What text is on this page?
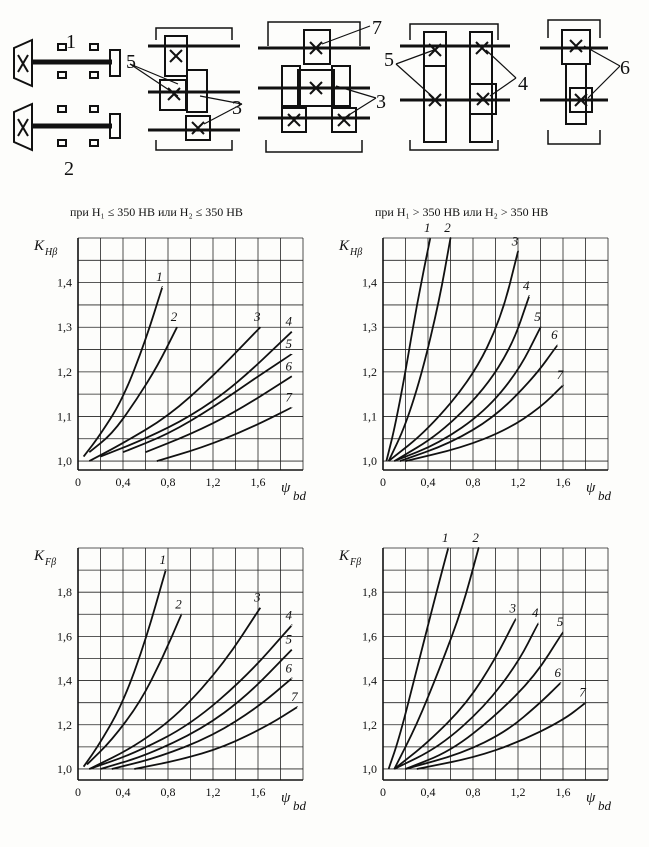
1
2
5
3
7
3
5
4
6
при H₁ ≤ 350 HB или H₂ ≤ 350 HB	при H₁ > 350 HB или H₂ > 350 HB
0	0,4	0,8	1,2	1,6
1,0
1,1
1,2
1,3
1,4
K Hβ
ψ bd
1
2	3 4
5
6
7
0	0,4	0,8	1,2	1,6
1,0
1,1
1,2
1,3
1,4
K Hβ
ψ bd
1 2
3
4
5
6
7
0	0,4	0,8	1,2	1,6
1,0
1,2
1,4
1,6
1,8
K Fβ
ψ bd
1
2	3
4
5
6
7
0	0,4	0,8	1,2	1,6
1,0
1,2
1,4
1,6
1,8
K Fβ
ψ bd
1 2
3 4
5
6
7
